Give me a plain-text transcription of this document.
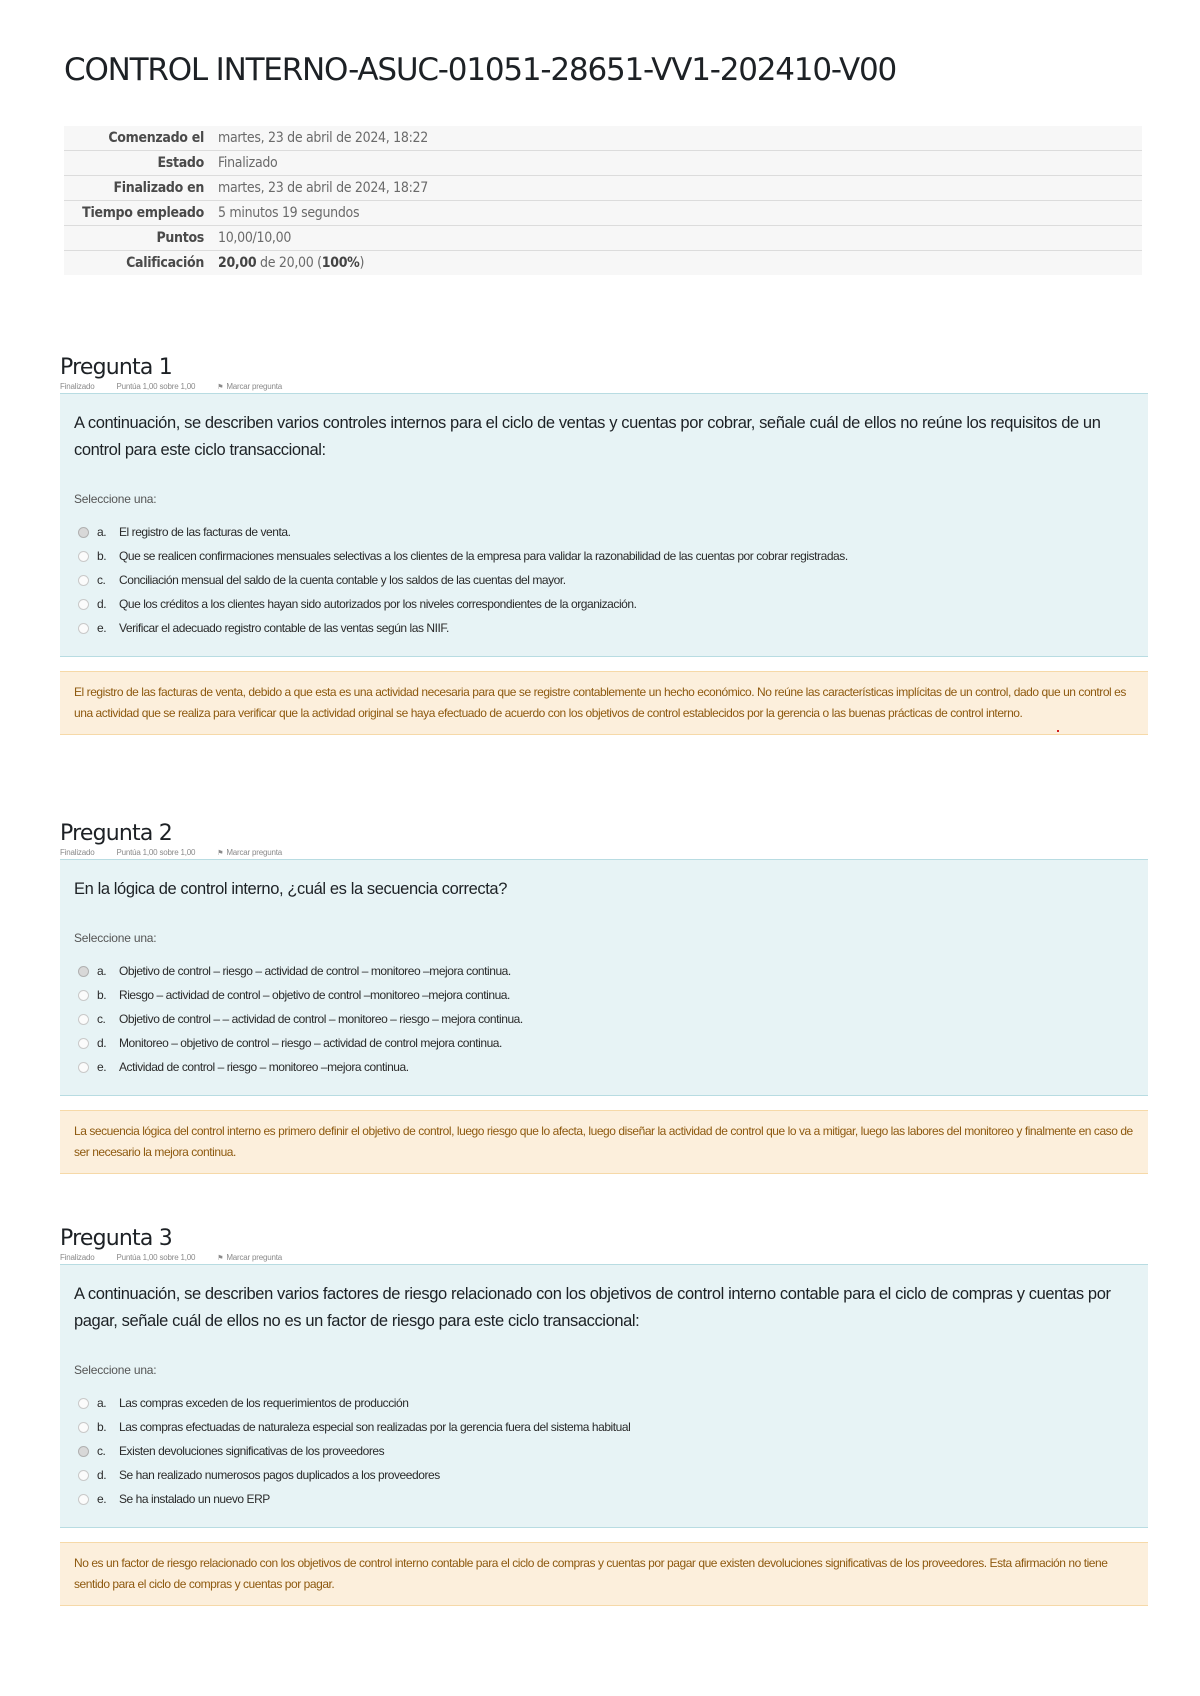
CONTROL INTERNO-ASUC-01051-28651-VV1-202410-V00
Comenzado el	martes, 23 de abril de 2024, 18:22
Estado	Finalizado
Finalizado en	martes, 23 de abril de 2024, 18:27
Tiempo empleado	5 minutos 19 segundos
Puntos	10,00/10,00
Calificación	20,00 de 20,00 (100%)
Pregunta 1
Finalizado	Puntúa 1,00 sobre 1,00	⚑ Marcar pregunta

A continuación, se describen varios controles internos para el ciclo de ventas y cuentas por cobrar, señale cuál de ellos no reúne los requisitos de un control para este ciclo transaccional:

Seleccione una:
a.	El registro de las facturas de venta.
b.	Que se realicen confirmaciones mensuales selectivas a los clientes de la empresa para validar la razonabilidad de las cuentas por cobrar registradas.
c.	Conciliación mensual del saldo de la cuenta contable y los saldos de las cuentas del mayor.
d.	Que los créditos a los clientes hayan sido autorizados por los niveles correspondientes de la organización.
e.	Verificar el adecuado registro contable de las ventas según las NIIF.
El registro de las facturas de venta, debido a que esta es una actividad necesaria para que se registre contablemente un hecho económico. No reúne las características implícitas de un control, dado que un control es una actividad que se realiza para verificar que la actividad original se haya efectuado de acuerdo con los objetivos de control establecidos por la gerencia o las buenas prácticas de control interno.
Pregunta 2
Finalizado	Puntúa 1,00 sobre 1,00	⚑ Marcar pregunta

En la lógica de control interno, ¿cuál es la secuencia correcta?

Seleccione una:
a.	Objetivo de control – riesgo – actividad de control – monitoreo –mejora continua.
b.	Riesgo – actividad de control – objetivo de control –monitoreo –mejora continua.
c.	Objetivo de control – – actividad de control – monitoreo – riesgo – mejora continua.
d.	Monitoreo – objetivo de control – riesgo – actividad de control mejora continua.
e.	Actividad de control – riesgo – monitoreo –mejora continua.
La secuencia lógica del control interno es primero definir el objetivo de control, luego riesgo que lo afecta, luego diseñar la actividad de control que lo va a mitigar, luego las labores del monitoreo y finalmente en caso de ser necesario la mejora continua.
Pregunta 3
Finalizado	Puntúa 1,00 sobre 1,00	⚑ Marcar pregunta

A continuación, se describen varios factores de riesgo relacionado con los objetivos de control interno contable para el ciclo de compras y cuentas por pagar, señale cuál de ellos no es un factor de riesgo para este ciclo transaccional:

Seleccione una:
a.	Las compras exceden de los requerimientos de producción
b.	Las compras efectuadas de naturaleza especial son realizadas por la gerencia fuera del sistema habitual
c.	Existen devoluciones significativas de los proveedores
d.	Se han realizado numerosos pagos duplicados a los proveedores
e.	Se ha instalado un nuevo ERP
No es un factor de riesgo relacionado con los objetivos de control interno contable para el ciclo de compras y cuentas por pagar que existen devoluciones significativas de los proveedores. Esta afirmación no tiene sentido para el ciclo de compras y cuentas por pagar.
